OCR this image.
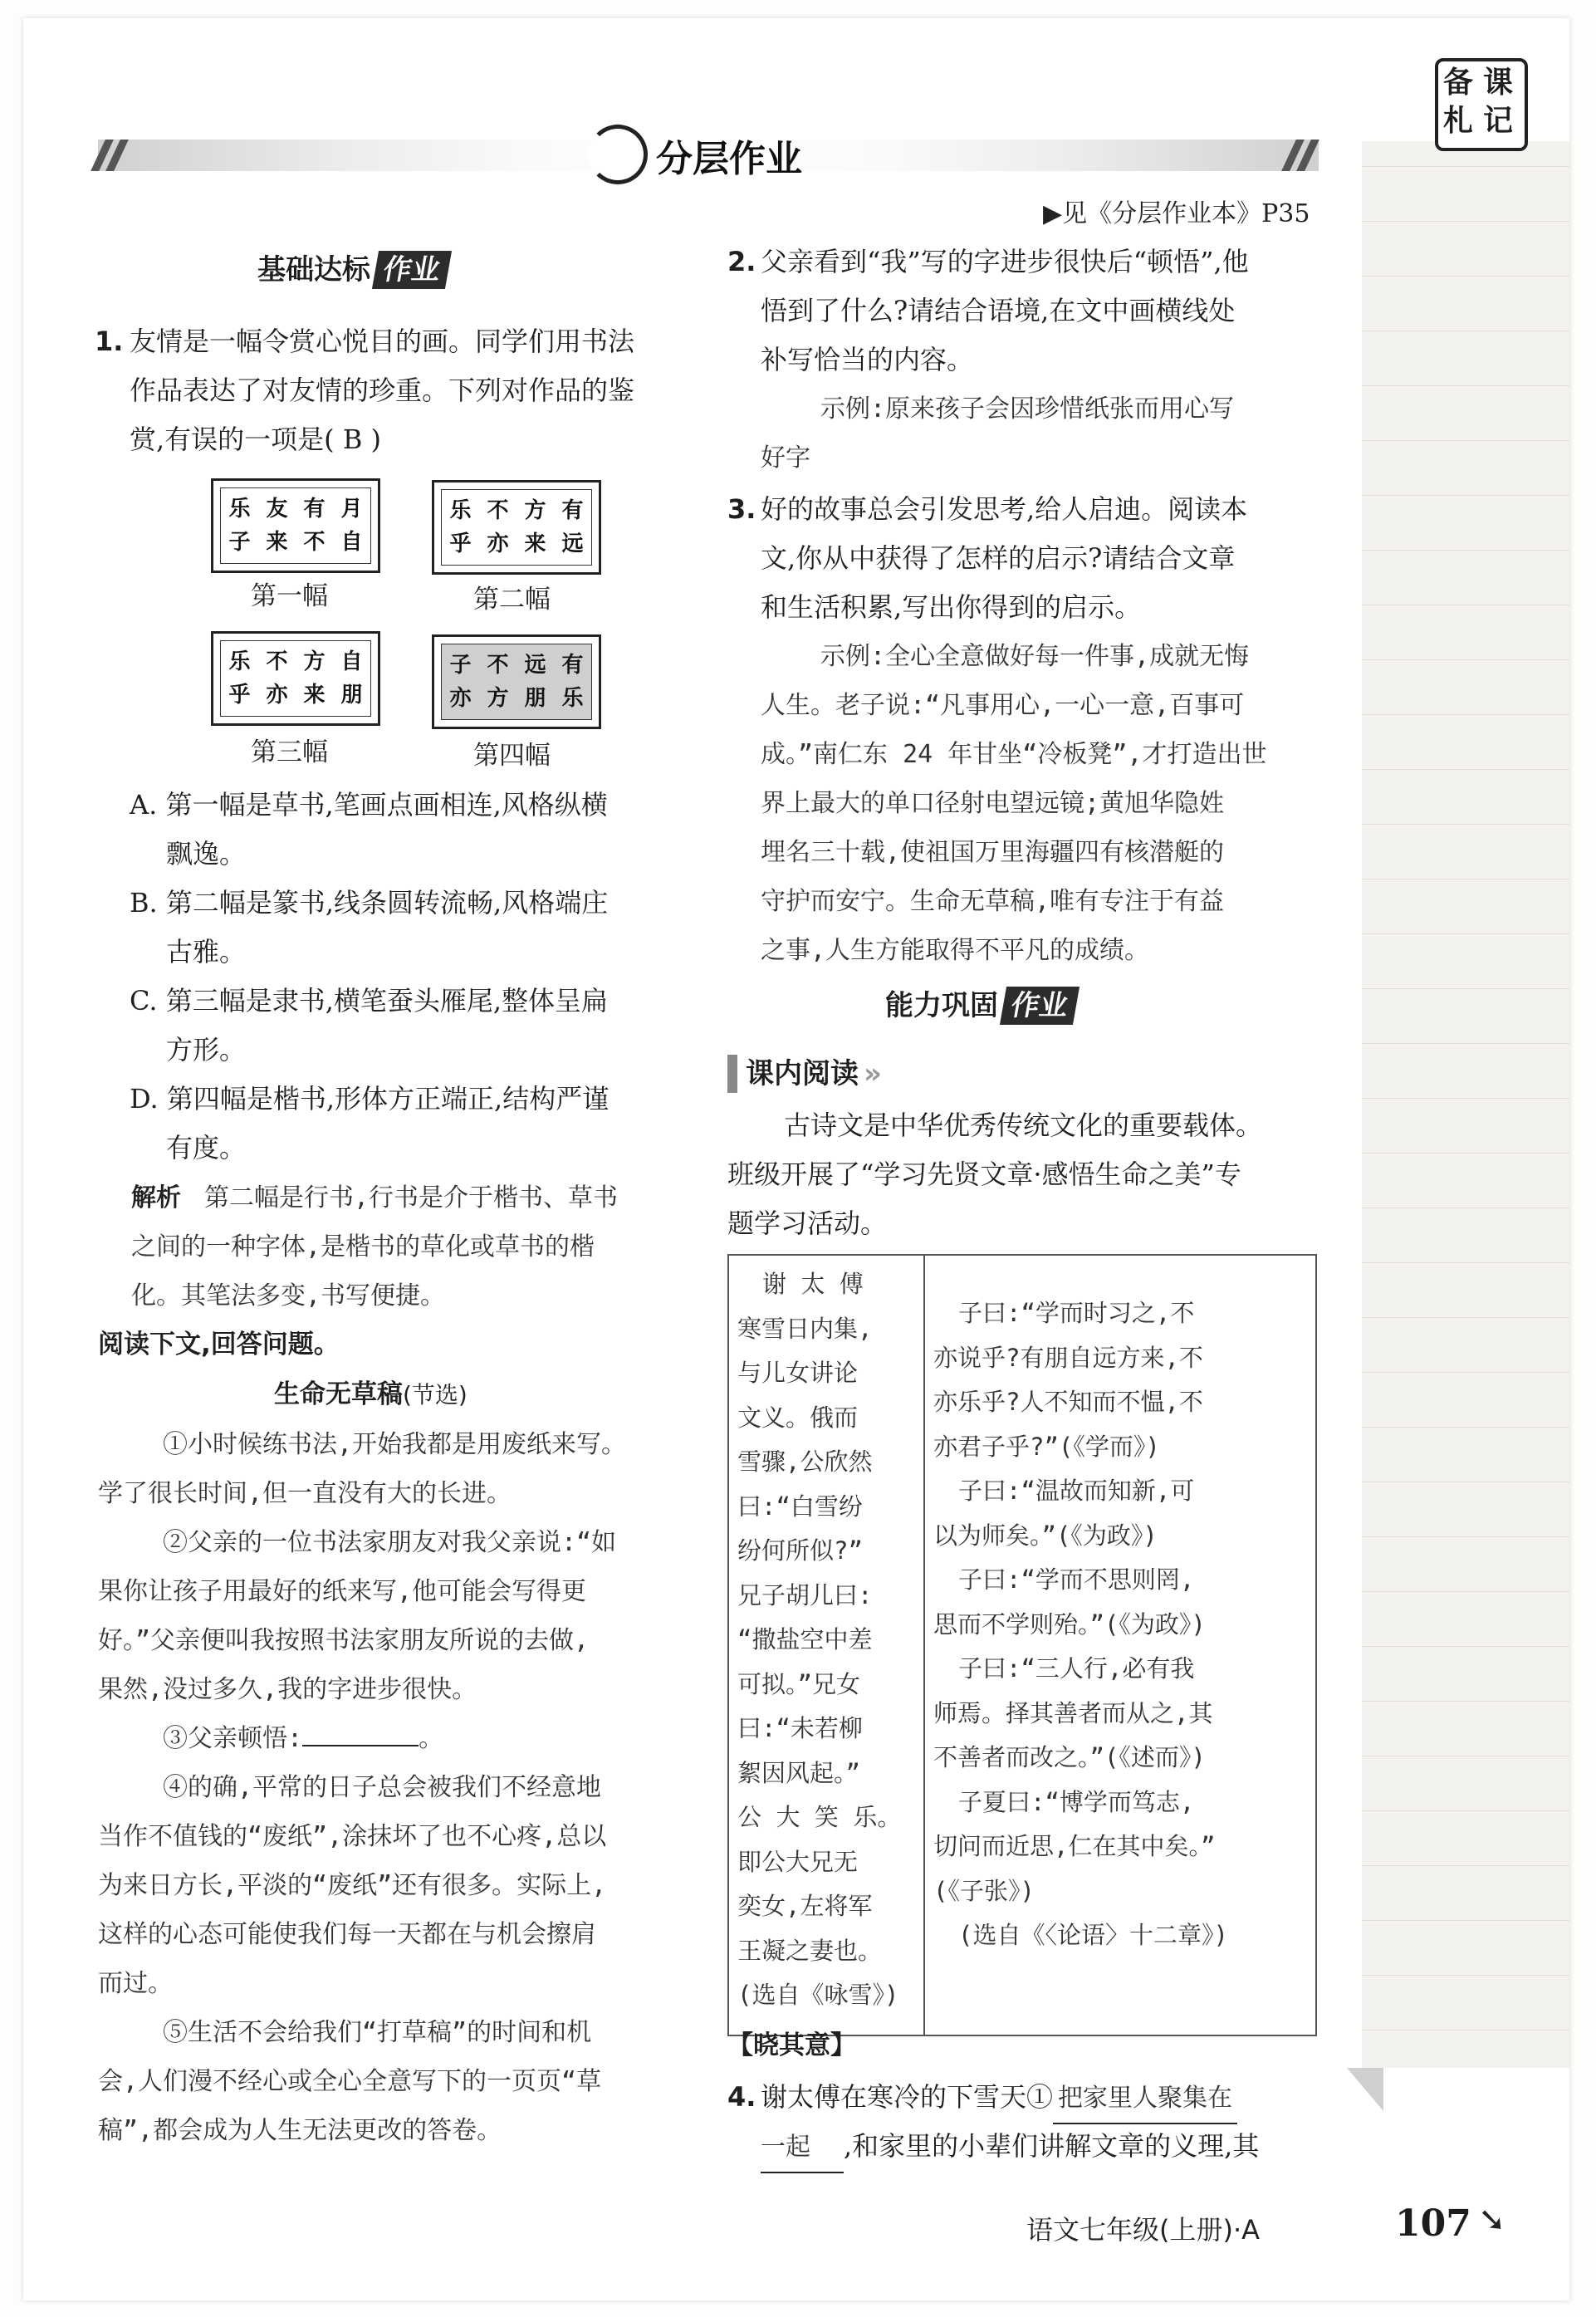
分层作业
备 课
札 记
▶见《分层作业本》P35
基础达标 作业
1. 友情是一幅令赏心悦目的画。同学们用书法
作品表达了对友情的珍重。下列对作品的鉴
赏,有误的一项是( B )
乐 友 有 月
子 来 不 自
乐 不 方 有
乎 亦 来 远
乐 不 方 自
乎 亦 来 朋
子 不 远 有
亦 方 朋 乐
第一幅	第二幅
第三幅	第四幅
A. 第一幅是草书,笔画点画相连,风格纵横
飘逸。
B. 第二幅是篆书,线条圆转流畅,风格端庄
古雅。
C. 第三幅是隶书,横笔蚕头雁尾,整体呈扁
方形。
D. 第四幅是楷书,形体方正端正,结构严谨
有度。
解析 第二幅是行书,行书是介于楷书、草书
之间的一种字体,是楷书的草化或草书的楷
化。其笔法多变,书写便捷。
阅读下文,回答问题。
生命无草稿(节选)
①小时候练书法,开始我都是用废纸来写。
学了很长时间,但一直没有大的长进。
②父亲的一位书法家朋友对我父亲说:“如
果你让孩子用最好的纸来写,他可能会写得更
好。”父亲便叫我按照书法家朋友所说的去做,
果然,没过多久,我的字进步很快。
③父亲顿悟:	。
④的确,平常的日子总会被我们不经意地
当作不值钱的“废纸”,涂抹坏了也不心疼,总以
为来日方长,平淡的“废纸”还有很多。实际上,
这样的心态可能使我们每一天都在与机会擦肩
而过。
⑤生活不会给我们“打草稿”的时间和机
会,人们漫不经心或全心全意写下的一页页“草
稿”,都会成为人生无法更改的答卷。
2. 父亲看到“我”写的字进步很快后“顿悟”,他
悟到了什么?请结合语境,在文中画横线处
补写恰当的内容。
示例:原来孩子会因珍惜纸张而用心写
好字
3. 好的故事总会引发思考,给人启迪。阅读本
文,你从中获得了怎样的启示?请结合文章
和生活积累,写出你得到的启示。
示例:全心全意做好每一件事,成就无悔
人生。老子说:“凡事用心,一心一意,百事可
成。”南仁东 24 年甘坐“冷板凳”,才打造出世
界上最大的单口径射电望远镜;黄旭华隐姓
埋名三十载,使祖国万里海疆四有核潜艇的
守护而安宁。生命无草稿,唯有专注于有益
之事,人生方能取得不平凡的成绩。
能力巩固 作业
课内阅读 »
古诗文是中华优秀传统文化的重要载体。
班级开展了“学习先贤文章·感悟生命之美”专
题学习活动。
谢 太 傅
寒雪日内集,
与儿女讲论
文义。俄而
雪骤,公欣然
曰:“白雪纷
纷何所似?”
兄子胡儿曰:
“撒盐空中差
可拟。”兄女
曰:“未若柳
絮因风起。”
公 大 笑 乐。
即公大兄无
奕女,左将军
王凝之妻也。
(选自《咏雪》)
子曰:“学而时习之,不
亦说乎?有朋自远方来,不
亦乐乎?人不知而不愠,不
亦君子乎?”(《学而》)
子曰:“温故而知新,可
以为师矣。”(《为政》)
子曰:“学而不思则罔,
思而不学则殆。”(《为政》)
子曰:“三人行,必有我
师焉。择其善者而从之,其
不善者而改之。”(《述而》)
子夏曰:“博学而笃志,
切问而近思,仁在其中矣。”
(《子张》)
(选自《〈论语〉十二章》)
【晓其意】
4. 谢太傅在寒冷的下雪天① 把家里人聚集在
一起 ,和家里的小辈们讲解文章的义理,其
语文七年级(上册)·A	107 ➘
